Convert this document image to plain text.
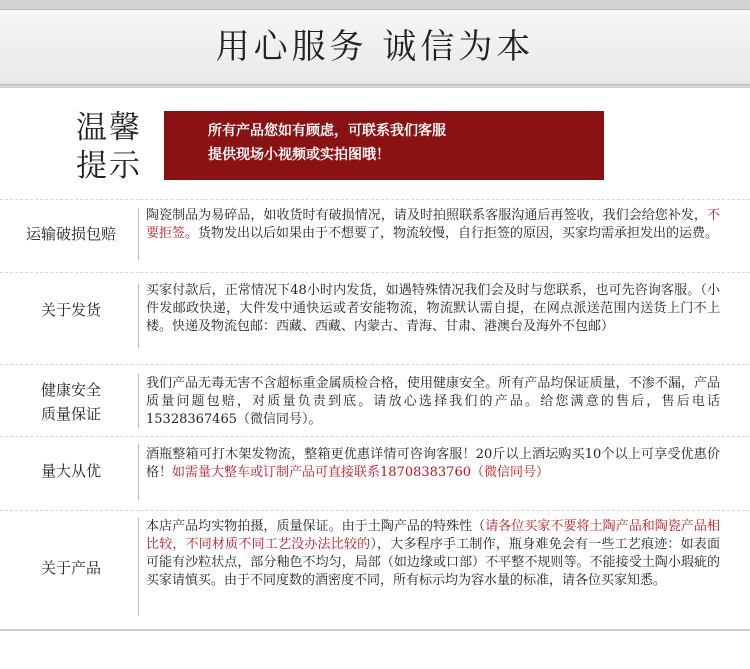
用心服务 诚信为本
温馨
提示
所有产品您如有顾虑，可联系我们客服
提供现场小视频或实拍图哦！
运输破损包赔
陶瓷制品为易碎品，如收货时有破损情况，请及时拍照联系客服沟通后再签收，我们会给您补发，不要拒签。货物发出以后如果由于不想要了，物流较慢，自行拒签的原因，买家均需承担发出的运费。
关于发货
买家付款后，正常情况下48小时内发货，如遇特殊情况我们会及时与您联系，也可先咨询客服。（小件发邮政快递，大件发中通快运或者安能物流，物流默认需自提，在网点派送范围内送货上门不上楼。快递及物流包邮：西藏、西藏、内蒙古、青海、甘肃、港澳台及海外不包邮）
健康安全
质量保证
我们产品无毒无害不含超标重金属质检合格，使用健康安全。所有产品均保证质量，不渗不漏，产品质量问题包赔，对质量负责到底。请放心选择我们的产品。给您满意的售后，售后电话15328367465（微信同号）。
量大从优
酒瓶整箱可打木架发物流，整箱更优惠详情可咨询客服！20斤以上酒坛购买10个以上可享受优惠价格！如需量大整车或订制产品可直接联系18708383760（微信同号）
关于产品
本店产品均实物拍摄，质量保证。由于土陶产品的特殊性（请各位买家不要将土陶产品和陶瓷产品相比较，不同材质不同工艺没办法比较的），大多程序手工制作，瓶身难免会有一些工艺痕迹：如表面可能有沙粒状点，部分釉色不均匀，局部（如边缘或口部）不平整不规则等。不能接受土陶小瑕疵的买家请慎买。由于不同度数的酒密度不同，所有标示均为容水量的标准，请各位买家知悉。
